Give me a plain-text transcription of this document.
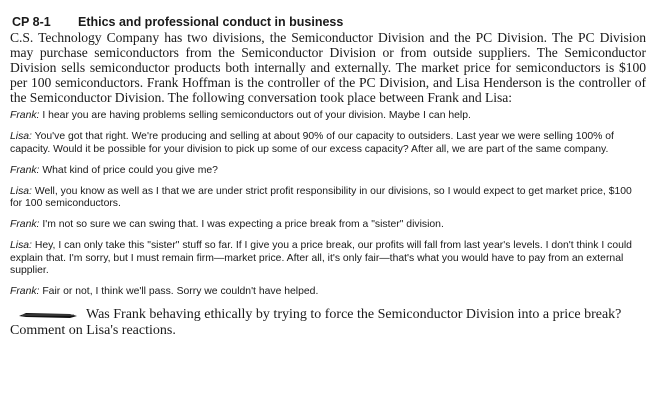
CP 8-1	Ethics and professional conduct in business

C.S. Technology Company has two divisions, the Semiconductor Division and the PC Division. The PC Division may purchase semiconductors from the Semiconductor Division or from outside suppliers. The Semiconductor Division sells semiconductor products both internally and externally. The market price for semiconductors is $100 per 100 semiconductors. Frank Hoffman is the controller of the PC Division, and Lisa Henderson is the controller of the Semiconductor Division. The following conversation took place between Frank and Lisa:

Frank: I hear you are having problems selling semiconductors out of your division. Maybe I can help.

Lisa: You've got that right. We're producing and selling at about 90% of our capacity to outsiders. Last year we were selling 100% of capacity. Would it be possible for your division to pick up some of our excess capacity? After all, we are part of the same company.

Frank: What kind of price could you give me?

Lisa: Well, you know as well as I that we are under strict profit responsibility in our divisions, so I would expect to get market price, $100 for 100 semiconductors.

Frank: I'm not so sure we can swing that. I was expecting a price break from a "sister" division.

Lisa: Hey, I can only take this "sister" stuff so far. If I give you a price break, our profits will fall from last year's levels. I don't think I could explain that. I'm sorry, but I must remain firm—market price. After all, it's only fair—that's what you would have to pay from an external supplier.

Frank: Fair or not, I think we'll pass. Sorry we couldn't have helped.

Was Frank behaving ethically by trying to force the Semiconductor Division into a price break? Comment on Lisa's reactions.
